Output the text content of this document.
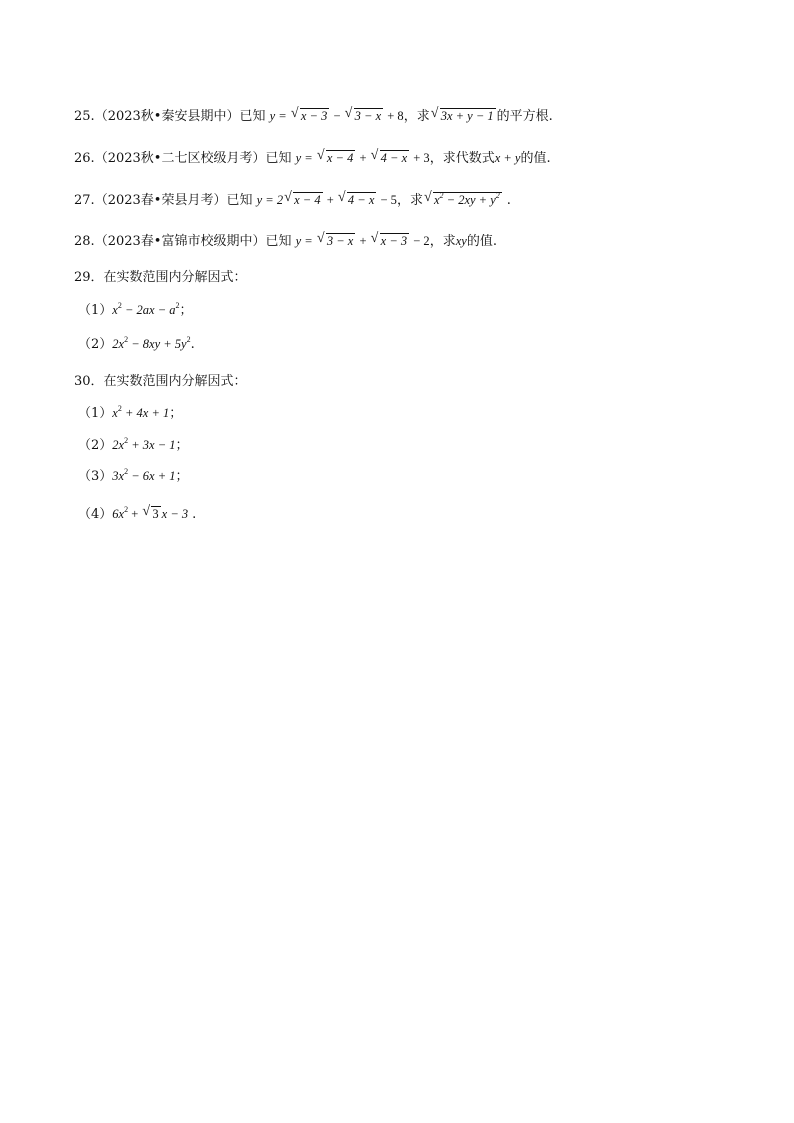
25.（2023秋•秦安县期中）已知 y = √ x − 3 − √ 3 − x + 8，求 √ 3x + y − 1 的平方根.
26.（2023秋•二七区校级月考）已知 y = √ x − 4 + √ 4 − x + 3，求代数式x + y的值.
27.（2023春•荣县月考）已知 y = 2 √ x − 4 + √ 4 − x − 5，求 √ $x^2 - 2xy + y^2$ .
28.（2023春•富锦市校级期中）已知 y = √ 3 − x + √ x − 3 − 2，求xy的值.
29．在实数范围内分解因式：
$(1)x^2 - 2ax - a^2$；
$(2)2x^2 - 8xy + 5y^2$.
30．在实数范围内分解因式：
$(1)x^2 + 4x + 1$；
$(2)2x^2 + 3x - 1$；
$(3)3x^2 - 6x + 1$；
$(4)6x^2$ + √ 3 x − 3 .
